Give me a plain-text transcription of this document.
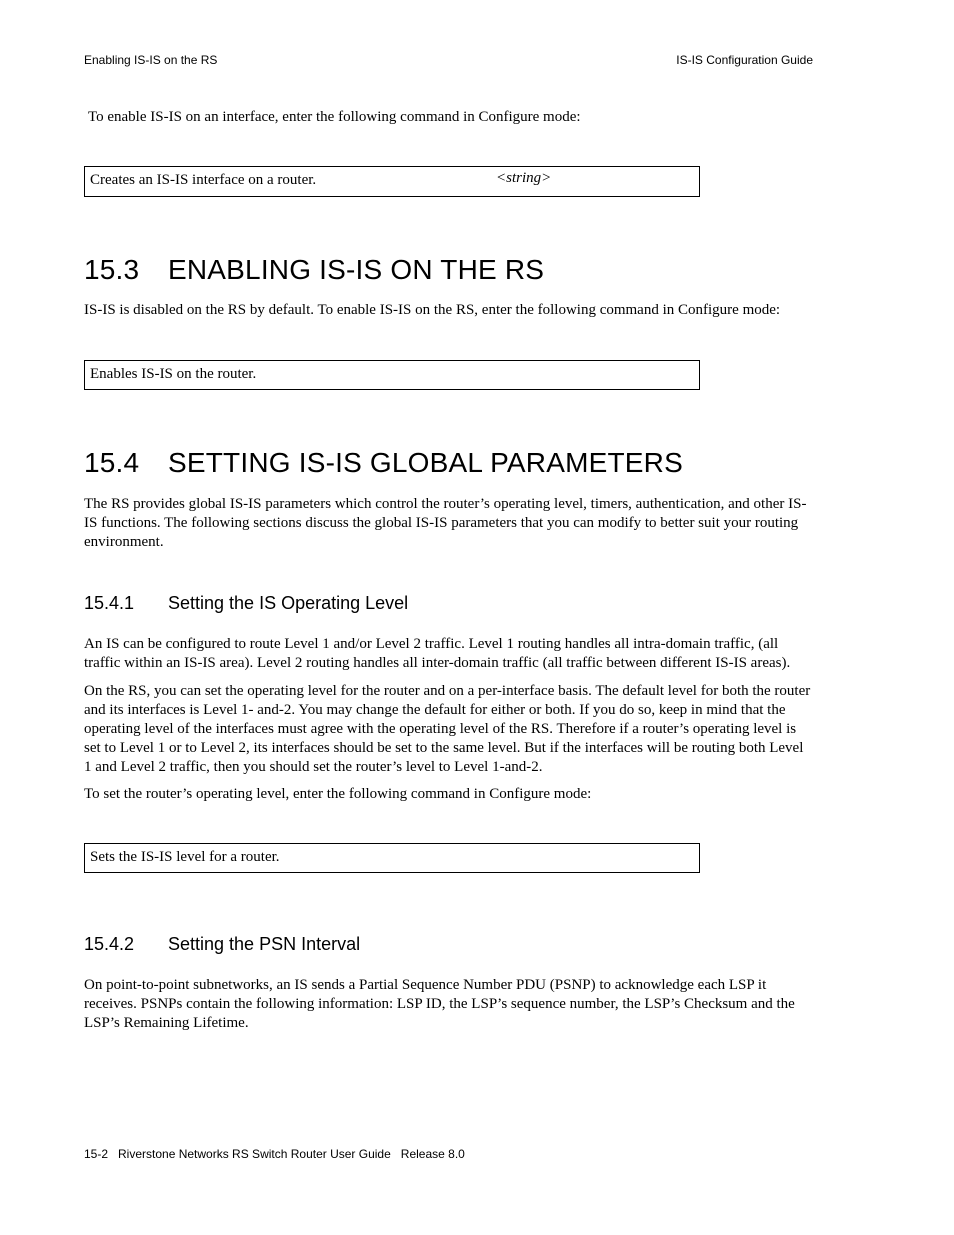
Enabling IS-IS on the RS	IS-IS Configuration Guide

To enable IS-IS on an interface, enter the following command in Configure mode:

Creates an IS-IS interface on a router.	<string>
15.3 ENABLING IS-IS ON THE RS

IS-IS is disabled on the RS by default. To enable IS-IS on the RS, enter the following command in Configure mode:

Enables IS-IS on the router.
15.4 SETTING IS-IS GLOBAL PARAMETERS

The RS provides global IS-IS parameters which control the router’s operating level, timers, authentication, and other IS-IS functions. The following sections discuss the global IS-IS parameters that you can modify to better suit your routing environment.

15.4.1 Setting the IS Operating Level

An IS can be configured to route Level 1 and/or Level 2 traffic. Level 1 routing handles all intra-domain traffic, (all traffic within an IS-IS area). Level 2 routing handles all inter-domain traffic (all traffic between different IS-IS areas).

On the RS, you can set the operating level for the router and on a per-interface basis. The default level for both the router and its interfaces is Level 1- and-2. You may change the default for either or both. If you do so, keep in mind that the operating level of the interfaces must agree with the operating level of the RS. Therefore if a router’s operating level is set to Level 1 or to Level 2, its interfaces should be set to the same level. But if the interfaces will be routing both Level 1 and Level 2 traffic, then you should set the router’s level to Level 1-and-2.

To set the router’s operating level, enter the following command in Configure mode:

Sets the IS-IS level for a router.
15.4.2 Setting the PSN Interval

On point-to-point subnetworks, an IS sends a Partial Sequence Number PDU (PSNP) to acknowledge each LSP it receives. PSNPs contain the following information: LSP ID, the LSP’s sequence number, the LSP’s Checksum and the LSP’s Remaining Lifetime.

15-2   Riverstone Networks RS Switch Router User Guide   Release 8.0
